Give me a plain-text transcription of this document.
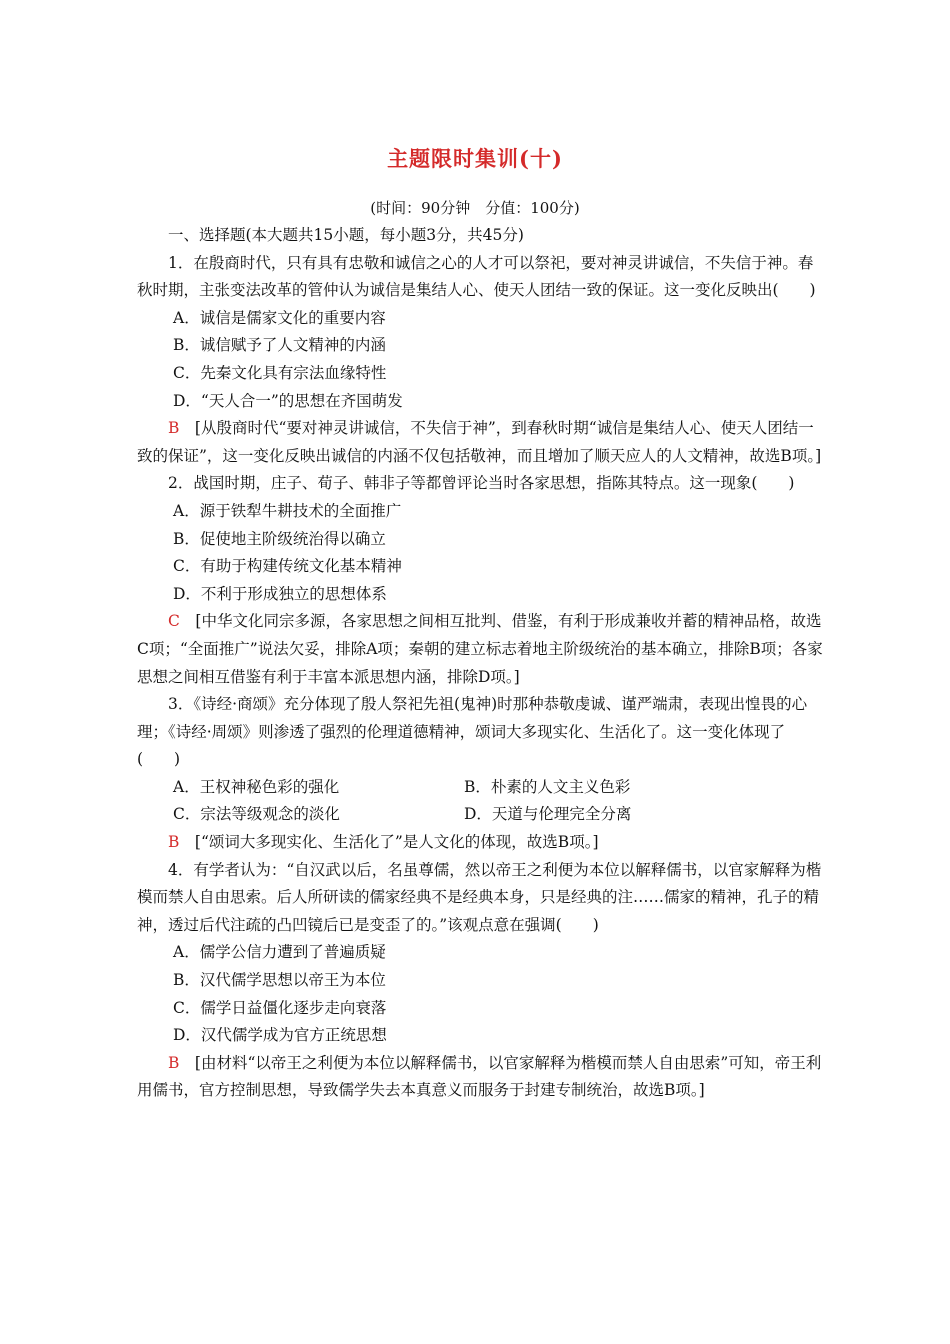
主题限时集训(十)
(时间：90分钟　分值：100分)

一、选择题(本大题共15小题，每小题3分，共45分)

1．在殷商时代，只有具有忠敬和诚信之心的人才可以祭祀，要对神灵讲诚信，不失信于神。春秋时期，主张变法改革的管仲认为诚信是集结人心、使天人团结一致的保证。这一变化反映出(　　)

A．诚信是儒家文化的重要内容

B．诚信赋予了人文精神的内涵

C．先秦文化具有宗法血缘特性

D．“天人合一”的思想在齐国萌发

B　 [从殷商时代“要对神灵讲诚信，不失信于神”，到春秋时期“诚信是集结人心、使天人团结一致的保证”，这一变化反映出诚信的内涵不仅包括敬神，而且增加了顺天应人的人文精神，故选B项。]

2．战国时期，庄子、荀子、韩非子等都曾评论当时各家思想，指陈其特点。这一现象(　　)

A．源于铁犁牛耕技术的全面推广

B．促使地主阶级统治得以确立

C．有助于构建传统文化基本精神

D．不利于形成独立的思想体系

C　 [中华文化同宗多源，各家思想之间相互批判、借鉴，有利于形成兼收并蓄的精神品格，故选C项；“全面推广”说法欠妥，排除A项；秦朝的建立标志着地主阶级统治的基本确立，排除B项；各家思想之间相互借鉴有利于丰富本派思想内涵，排除D项。]

3．《诗经·商颂》充分体现了殷人祭祀先祖(鬼神)时那种恭敬虔诚、谨严端肃，表现出惶畏的心理；《诗经·周颂》则渗透了强烈的伦理道德精神，颂词大多现实化、生活化了。这一变化体现了(　　)

A．王权神秘色彩的强化	B．朴素的人文主义色彩
C．宗法等级观念的淡化	D．天道与伦理完全分离

B　 [“颂词大多现实化、生活化了”是人文化的体现，故选B项。]

4．有学者认为：“自汉武以后，名虽尊儒，然以帝王之利便为本位以解释儒书，以官家解释为楷模而禁人自由思索。后人所研读的儒家经典不是经典本身，只是经典的注……儒家的精神，孔子的精神，透过后代注疏的凸凹镜后已是变歪了的。”该观点意在强调(　　)

A．儒学公信力遭到了普遍质疑

B．汉代儒学思想以帝王为本位

C．儒学日益僵化逐步走向衰落

D．汉代儒学成为官方正统思想

B　 [由材料“以帝王之利便为本位以解释儒书，以官家解释为楷模而禁人自由思索”可知，帝王利用儒书，官方控制思想，导致儒学失去本真意义而服务于封建专制统治，故选B项。]
